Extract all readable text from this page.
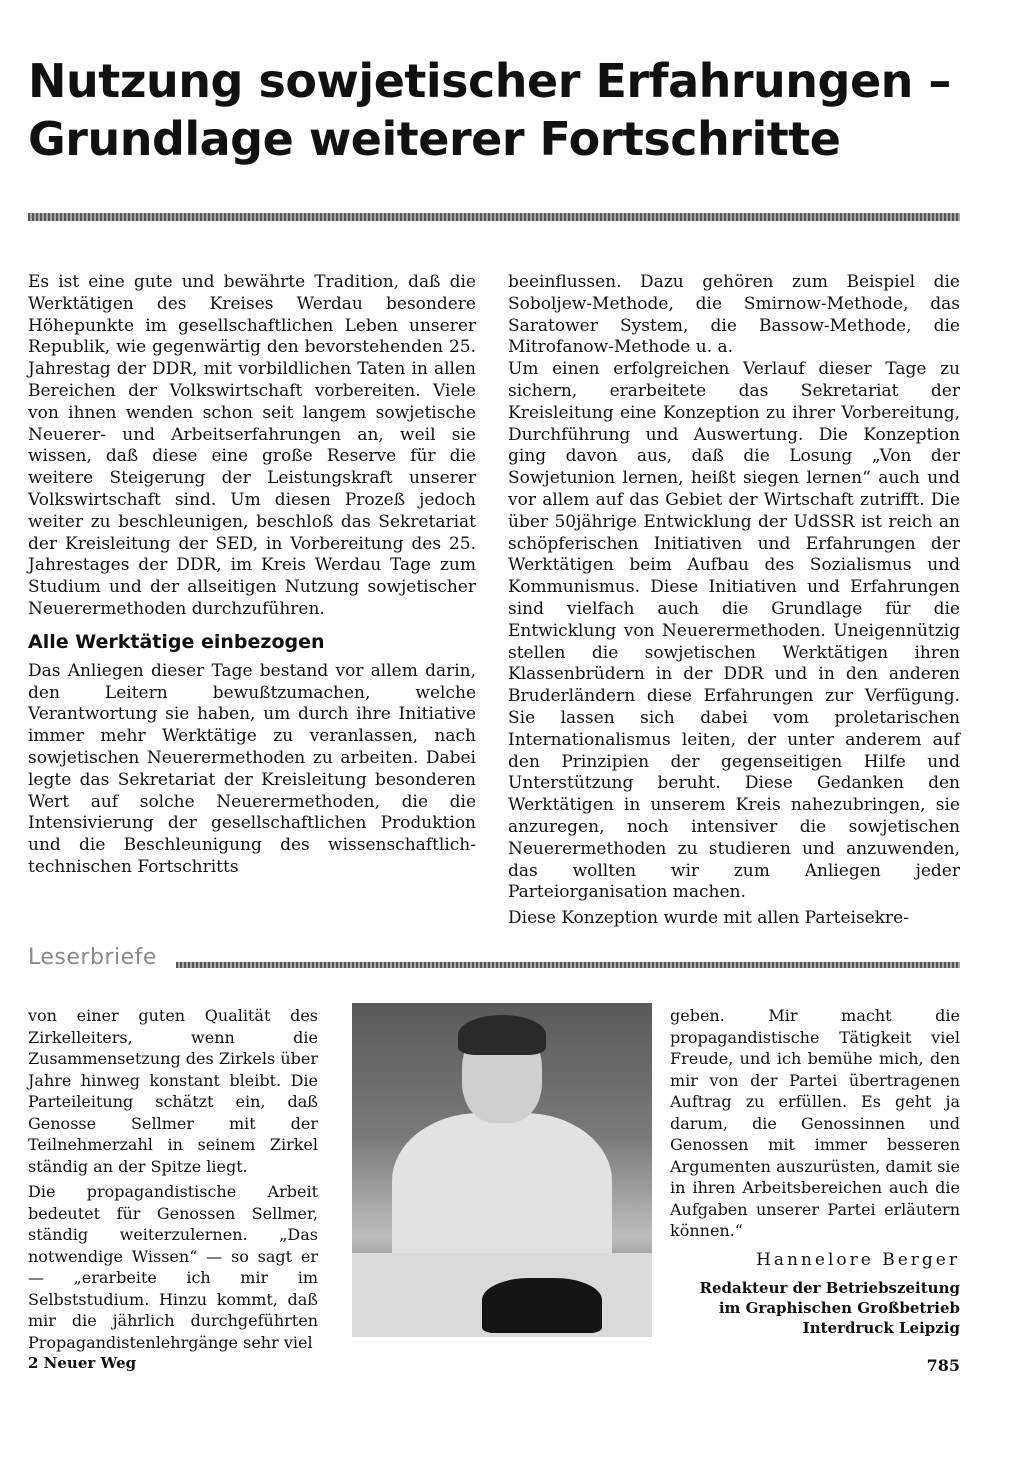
Nutzung sowjetischer Erfahrungen –
Grundlage weiterer Fortschritte

Es ist eine gute und bewährte Tradition, daß die Werktätigen des Kreises Werdau besondere Höhepunkte im gesellschaftlichen Leben unserer Republik, wie gegenwärtig den bevorstehenden 25. Jahrestag der DDR, mit vorbildlichen Taten in allen Bereichen der Volkswirtschaft vorbereiten. Viele von ihnen wenden schon seit langem sowjetische Neuerer- und Arbeitserfahrungen an, weil sie wissen, daß diese eine große Reserve für die weitere Steigerung der Leistungskraft unserer Volkswirtschaft sind. Um diesen Prozeß jedoch weiter zu beschleunigen, beschloß das Sekretariat der Kreisleitung der SED, in Vorbereitung des 25. Jahrestages der DDR, im Kreis Werdau Tage zum Studium und der allseitigen Nutzung sowjetischer Neuerermethoden durchzuführen.

Alle Werktätige einbezogen

Das Anliegen dieser Tage bestand vor allem darin, den Leitern bewußtzumachen, welche Verantwortung sie haben, um durch ihre Initiative immer mehr Werktätige zu veranlassen, nach sowjetischen Neuerermethoden zu arbeiten. Dabei legte das Sekretariat der Kreisleitung besonderen Wert auf solche Neuerermethoden, die die Intensivierung der gesellschaftlichen Produktion und die Beschleunigung des wissenschaftlich-technischen Fortschritts

beeinflussen. Dazu gehören zum Beispiel die Soboljew-Methode, die Smirnow-Methode, das Saratower System, die Bassow-Methode, die Mitrofanow-Methode u. a.

Um einen erfolgreichen Verlauf dieser Tage zu sichern, erarbeitete das Sekretariat der Kreisleitung eine Konzeption zu ihrer Vorbereitung, Durchführung und Auswertung. Die Konzeption ging davon aus, daß die Losung „Von der Sowjetunion lernen, heißt siegen lernen“ auch und vor allem auf das Gebiet der Wirtschaft zutrifft. Die über 50jährige Entwicklung der UdSSR ist reich an schöpferischen Initiativen und Erfahrungen der Werktätigen beim Aufbau des Sozialismus und Kommunismus. Diese Initiativen und Erfahrungen sind vielfach auch die Grundlage für die Entwicklung von Neuerermethoden. Uneigennützig stellen die sowjetischen Werktätigen ihren Klassenbrüdern in der DDR und in den anderen Bruderländern diese Erfahrungen zur Verfügung. Sie lassen sich dabei vom proletarischen Internationalismus leiten, der unter anderem auf den Prinzipien der gegenseitigen Hilfe und Unterstützung beruht. Diese Gedanken den Werktätigen in unserem Kreis nahezubringen, sie anzuregen, noch intensiver die sowjetischen Neuerermethoden zu studieren und anzuwenden, das wollten wir zum Anliegen jeder Parteiorganisation machen.

Diese Konzeption wurde mit allen Parteisekre-

Leserbriefe

von einer guten Qualität des Zirkelleiters, wenn die Zusammensetzung des Zirkels über Jahre hinweg konstant bleibt. Die Parteileitung schätzt ein, daß Genosse Sellmer mit der Teilnehmerzahl in seinem Zirkel ständig an der Spitze liegt.

Die propagandistische Arbeit bedeutet für Genossen Sellmer, ständig weiterzulernen. „Das notwendige Wissen“ — so sagt er — „erarbeite ich mir im Selbststudium. Hinzu kommt, daß mir die jährlich durchgeführten Propagandistenlehrgänge sehr viel

geben. Mir macht die propagandistische Tätigkeit viel Freude, und ich bemühe mich, den mir von der Partei übertragenen Auftrag zu erfüllen. Es geht ja darum, die Genossinnen und Genossen mit immer besseren Argumenten auszurüsten, damit sie in ihren Arbeitsbereichen auch die Aufgaben unserer Partei erläutern können.“

Hannelore Berger
Redakteur der Betriebszeitung
im Graphischen Großbetrieb
Interdruck Leipzig
2 Neuer Weg	785
